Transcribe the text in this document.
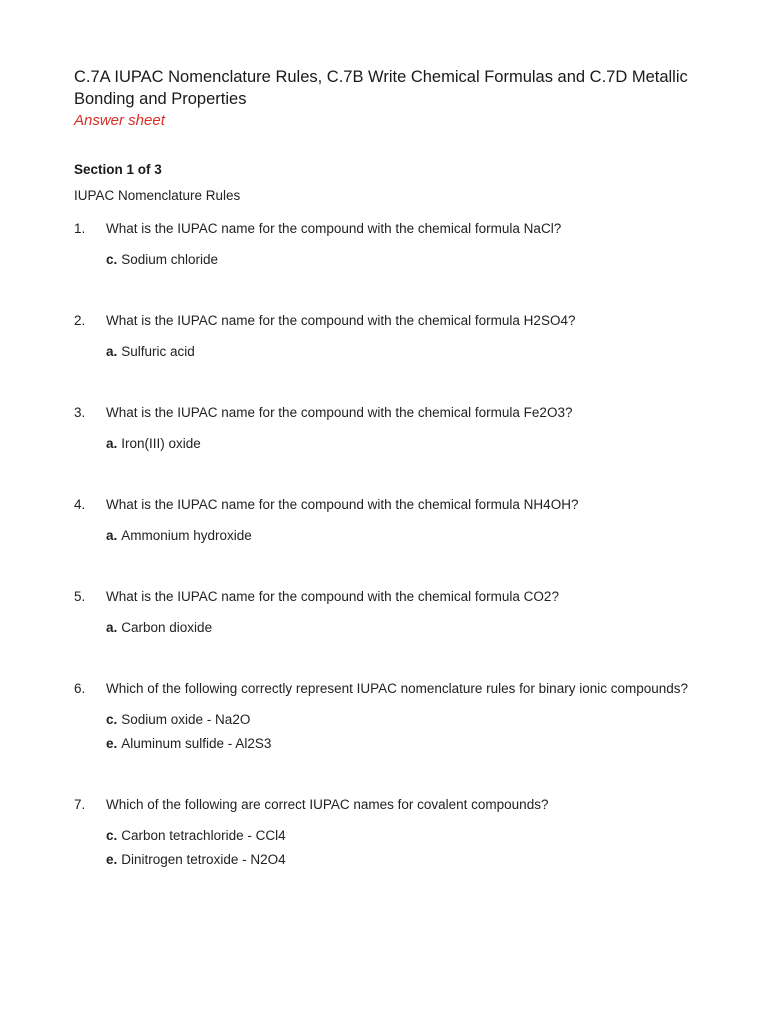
C.7A IUPAC Nomenclature Rules, C.7B Write Chemical Formulas and C.7D Metallic Bonding and Properties
Answer sheet
Section 1 of 3
IUPAC Nomenclature Rules
1. What is the IUPAC name for the compound with the chemical formula NaCl?
c. Sodium chloride
2. What is the IUPAC name for the compound with the chemical formula H2SO4?
a. Sulfuric acid
3. What is the IUPAC name for the compound with the chemical formula Fe2O3?
a. Iron(III) oxide
4. What is the IUPAC name for the compound with the chemical formula NH4OH?
a. Ammonium hydroxide
5. What is the IUPAC name for the compound with the chemical formula CO2?
a. Carbon dioxide
6. Which of the following correctly represent IUPAC nomenclature rules for binary ionic compounds?
c. Sodium oxide - Na2O
e. Aluminum sulfide - Al2S3
7. Which of the following are correct IUPAC names for covalent compounds?
c. Carbon tetrachloride - CCl4
e. Dinitrogen tetroxide - N2O4
